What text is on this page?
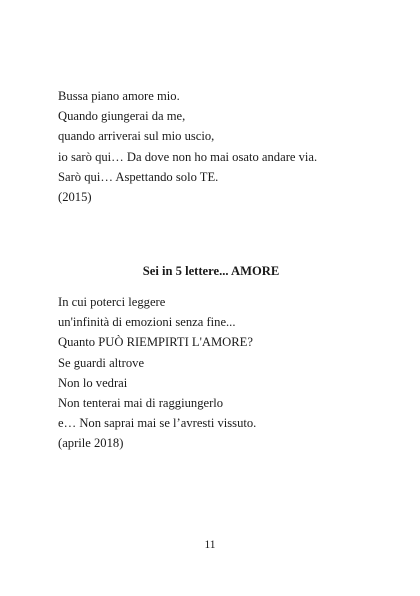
Bussa piano amore mio.
Quando giungerai da me,
quando arriverai sul mio uscio,
io sarò qui… Da dove non ho mai osato andare via.
Sarò qui… Aspettando solo TE.
(2015)
Sei in 5 lettere... AMORE
In cui poterci leggere
un'infinità di emozioni senza fine...
Quanto PUÒ RIEMPIRTI L'AMORE?
Se guardi altrove
Non lo vedrai
Non tenterai mai di raggiungerlo
e… Non saprai mai se l’avresti vissuto.
(aprile 2018)
11
